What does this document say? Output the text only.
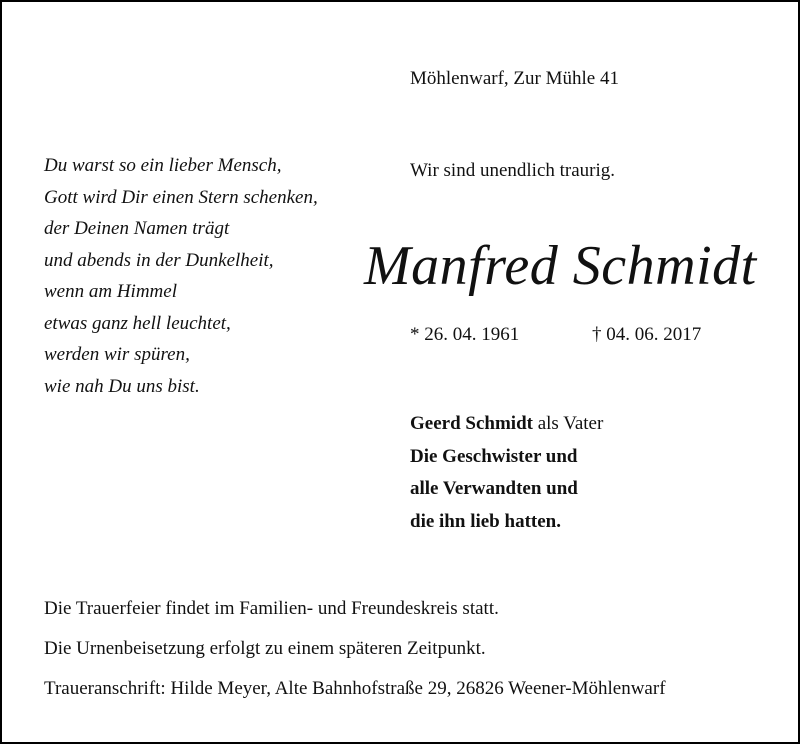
Möhlenwarf, Zur Mühle 41
Du warst so ein lieber Mensch,
Gott wird Dir einen Stern schenken,
der Deinen Namen trägt
und abends in der Dunkelheit,
wenn am Himmel
etwas ganz hell leuchtet,
werden wir spüren,
wie nah Du uns bist.
Wir sind unendlich traurig.
Manfred Schmidt
* 26. 04. 1961	† 04. 06. 2017
Geerd Schmidt als Vater
Die Geschwister und
alle Verwandten und
die ihn lieb hatten.
Die Trauerfeier findet im Familien- und Freundeskreis statt.
Die Urnenbeisetzung erfolgt zu einem späteren Zeitpunkt.
Traueranschrift: Hilde Meyer, Alte Bahnhofstraße 29, 26826 Weener-Möhlenwarf
